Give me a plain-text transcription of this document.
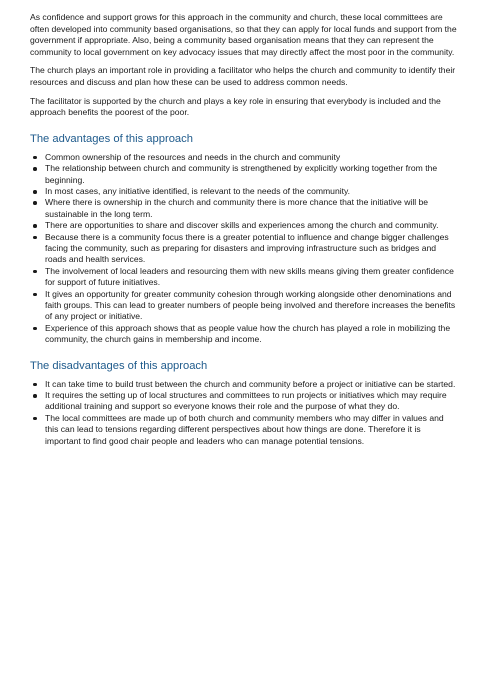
As confidence and support grows for this approach in the community and church, these local committees are often developed into community based organisations, so that they can apply for local funds and support from the government if appropriate. Also, being a community based organisation means that they can represent the community to local government on key advocacy issues that may directly affect the most poor in the community.

The church plays an important role in providing a facilitator who helps the church and community to identify their resources and discuss and plan how these can be used to address common needs.

The facilitator is supported by the church and plays a key role in ensuring that everybody is included and the approach benefits the poorest of the poor.

The advantages of this approach
Common ownership of the resources and needs in the church and community
The relationship between church and community is strengthened by explicitly working together from the beginning.
In most cases, any initiative identified, is relevant to the needs of the community.
Where there is ownership in the church and community there is more chance that the initiative will be sustainable in the long term.
There are opportunities to share and discover skills and experiences among the church and community.
Because there is a community focus there is a greater potential to influence and change bigger challenges facing the community, such as preparing for disasters and improving infrastructure such as bridges and roads and health services.
The involvement of local leaders and resourcing them with new skills means giving them greater confidence for support of future initiatives.
It gives an opportunity for greater community cohesion through working alongside other denominations and faith groups. This can lead to greater numbers of people being involved and therefore increases the benefits of any project or initiative.
Experience of this approach shows that as people value how the church has played a role in mobilizing the community, the church gains in membership and income.
The disadvantages of this approach
It can take time to build trust between the church and community before a project or initiative can be started.
It requires the setting up of local structures and committees to run projects or initiatives which may require additional training and support so everyone knows their role and the purpose of what they do.
The local committees are made up of both church and community members who may differ in values and this can lead to tensions regarding different perspectives about how things are done. Therefore it is important to find good chair people and leaders who can manage potential tensions.
